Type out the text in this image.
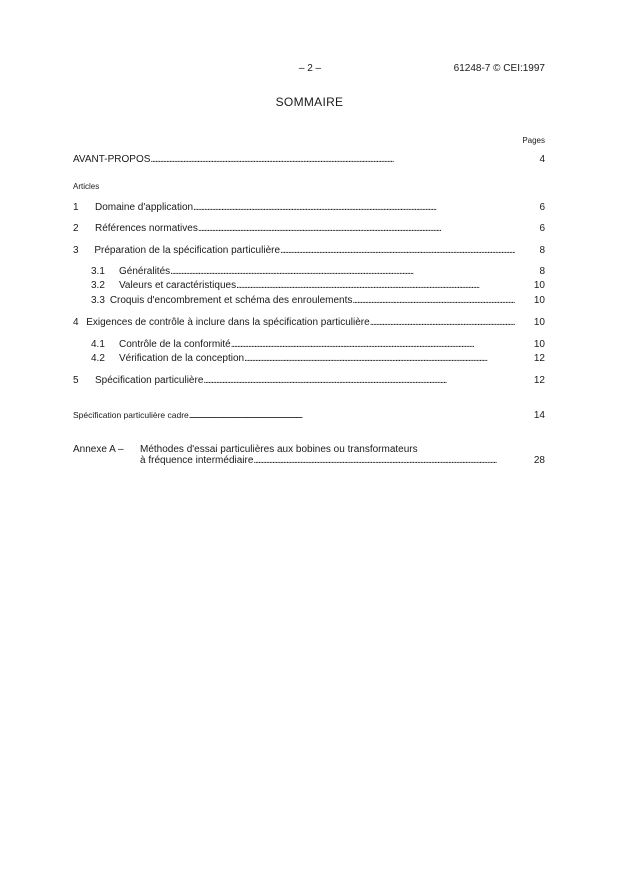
– 2 –	61248-7 © CEI:1997
SOMMAIRE
Pages
AVANT-PROPOS . . .	4
Articles
1	Domaine d'application . . .	6
2	Références normatives . . .	6
3	Préparation de la spécification particulière . . .	8
3.1	Généralités . . .	8
3.2	Valeurs et caractéristiques . . .	10
3.3 Croquis d'encombrement et schéma des enroulements . . .	10
4 Exigences de contrôle à inclure dans la spécification particulière . . .	10
4.1	Contrôle de la conformité . . .	10
4.2	Vérification de la conception . . .	12
5	Spécification particulière . . .	12
Spécification particulière cadre . . .	14
Annexe A – Méthodes d'essai particulières aux bobines ou transformateurs
à fréquence intermédiaire . . .	28
